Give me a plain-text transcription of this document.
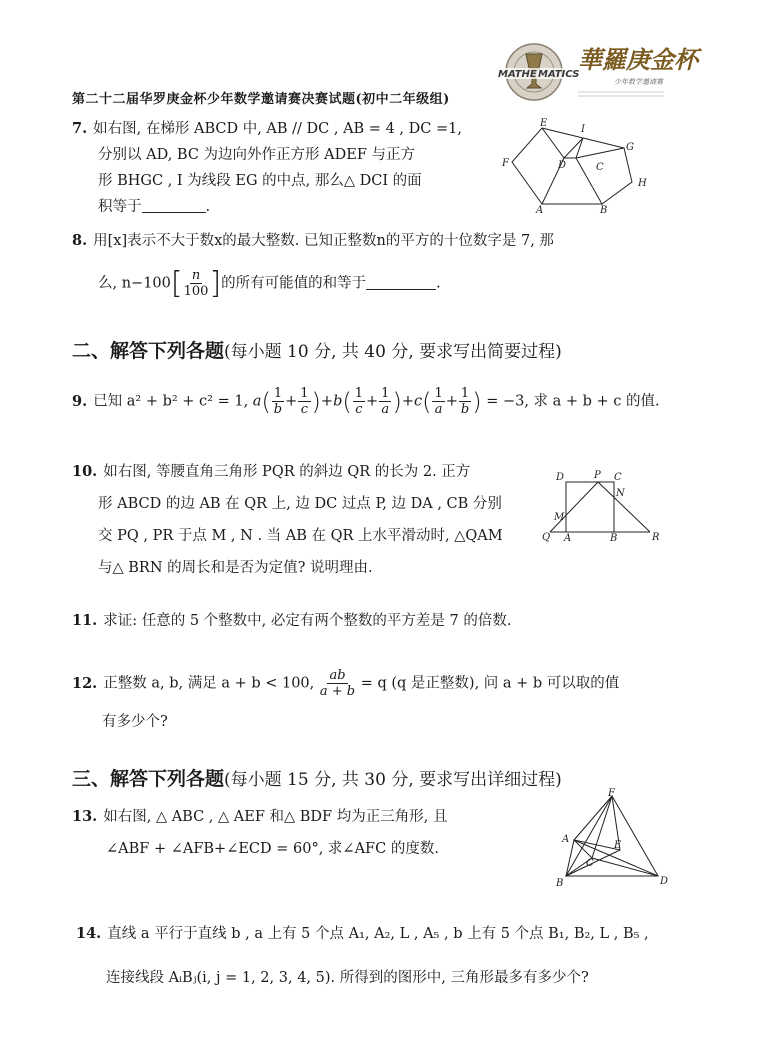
第二十二届华罗庚金杯少年数学邀请赛决赛试题(初中二年级组)
MATHE MATICS
華羅庚金杯
少年数学邀请赛
7. 如右图, 在梯形 ABCD 中, AB // DC , AB = 4 , DC =1,
分别以 AD, BC 为边向外作正方形 ADEF 与正方
形 BHGC , I 为线段 EG 的中点, 那么△ DCI 的面
积等于	.
E
I
G
F	D	C
H
A	B
8. 用[x]表示不大于数x的最大整数. 已知正整数n的平方的十位数字是 7, 那
么, $n-100[ \frac{n}{100}$ ]的所有可能值的和等于	.
二、解答下列各题(每小题 10 分, 共 40 分, 要求写出简要过程)
9. 已知 a² + b² + c² = 1, $a( \frac{1}{b} + \frac{1}{c} )+b( \frac{1}{c} + \frac{1}{a} )+c( \frac{1}{a} + \frac{1}{b}$ ) = −3, 求 a + b + c 的值.
10. 如右图, 等腰直角三角形 PQR 的斜边 QR 的长为 2. 正方
形 ABCD 的边 AB 在 QR 上, 边 DC 过点 P, 边 DA , CB 分别
交 PQ , PR 于点 M , N . 当 AB 在 QR 上水平滑动时, △QAM
与△ BRN 的周长和是否为定值? 说明理由.
D	P C
N
M
Q A	B	R
11. 求证: 任意的 5 个整数中, 必定有两个整数的平方差是 7 的倍数.
12. 正整数 a, b, 满足 a + b < 100, $\frac{ab}{a + b} = q$ (q 是正整数), 问 a + b 可以取的值
有多少个?
三、解答下列各题(每小题 15 分, 共 30 分, 要求写出详细过程)
13. 如右图, △ ABC , △ AEF 和△ BDF 均为正三角形, 且
∠ABF + ∠AFB+∠ECD = 60°, 求∠AFC 的度数.
F
A
E
C
B	D
14. 直线 a 平行于直线 b , a 上有 5 个点 A₁, A₂, L , A₅ , b 上有 5 个点 B₁, B₂, L , B₅ ,
连接线段 AᵢBⱼ(i, j = 1, 2, 3, 4, 5). 所得到的图形中, 三角形最多有多少个?
